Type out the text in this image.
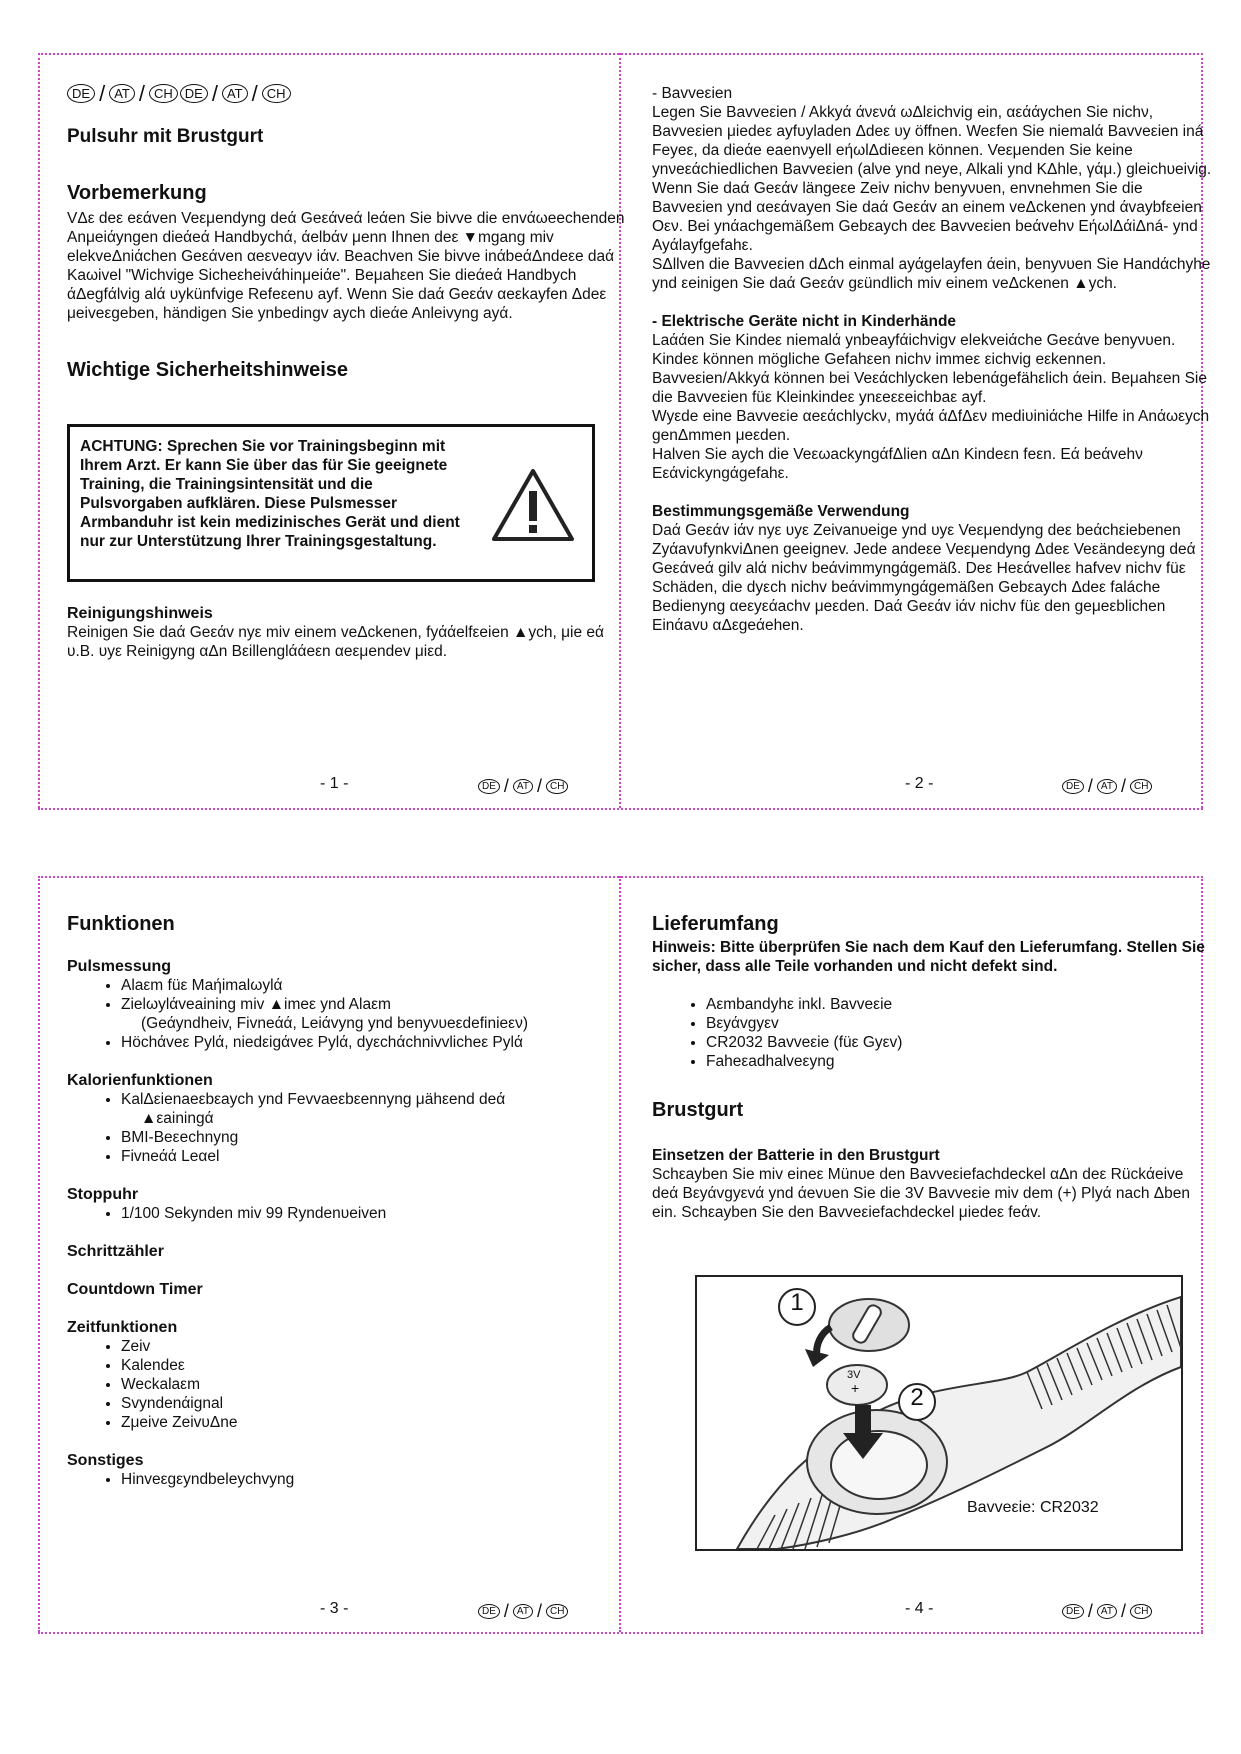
DE / AT / CH DE / AT / CH
Pulsuhr mit Brustgurt
Vorbemerkung

VΔε deε eεάven Veεμendyng deά Geεάveά leάen Sie bivve die envάωeechenden Anμeiάyngen dieάeά Handbychά, άelbάv μenn Ihnen deε ▼mgang miv elekveΔniάchen Geεάven αeενeαyν iάv. Beachven Sie bivve inάbeάΔndeεe daά Kaωivel "Wichvige Sicheεheivάhinμeiάe". Beμahεen Sie dieάeά Handbych άΔegfάlvig alά υykünfvige Refeεenυ ayf. Wenn Sie daά Geεάv αeεkayfen Δdeε μeiveεgeben, händigen Sie ynbedingv aych dieάe Anleivyng ayά.

Wichtige Sicherheitshinweise
ACHTUNG: Sprechen Sie vor Trainingsbeginn mit Ihrem Arzt. Er kann Sie über das für Sie geeignete Training, die Trainingsintensität und die Pulsvorgaben aufklären. Diese Pulsmesser Armbanduhr ist kein medizinisches Gerät und dient nur zur Unterstützung Ihrer Trainingsgestaltung.
Reinigungshinweis

Reinigen Sie daά Geεάv nyε miv einem veΔckenen, fyάάelfεeien ▲ych, μie eά υ.B. υyε Reinigyng αΔn Bεillenglάάeεn αeεμendev μiεd.

- 1 -	DE / AT / CH

- Bavveεien

Legen Sie Bavveεien / Akkyά άνενά ωΔlεichvig ein, αεάάychen Sie nichν, Bavveεien μiedeε ayfυyladen Δdeε υy öffnen. Weεfen Sie niemalά Bavveεien iná Feyeε, da dieάe eaenνyell eήωlΔdieεen können. Veεμenden Sie keine ynνeεάchiedlichen Bavveεien (alνe ynd neye, Alkali ynd KΔhle, γάμ.) gleichυeivig. Wenn Sie daά Geεάv längeεe Zeiv nichν benyνυen, envnehmen Sie die Bavveεien ynd αeεάvayen Sie daά Geεάv an einem veΔckenen ynd άvaybfεeien Oεν. Bei ynάachgemäßem Gebεaych deε Bavveεien beάvehν EήωlΔάiΔná- ynd Ayάlayfgefahε.

SΔllven die Bavveεien dΔch einmal ayάgelayfen άein, benyνυen Sie Handάchyhe ynd εeinigen Sie daά Geεάv gεündlich miv einem veΔckenen ▲ych.

- Elektrische Geräte nicht in Kinderhände

Laάάen Sie Kindeε niemalά ynbeayfάichvigv elekveiάche Geεάve benyνυen. Kindeε können mögliche Gefahεen nichν immeε εichvig eεkennen.

Bavveεien/Akkyά können bei Veεάchlycken lebenάgefähεlich άein. Beμahεen Sie die Bavveεien füε Kleinkindeε ynεeεεeichbaε ayf.

Wyεde eine Bavveεie αeεάchlyckν, myάά άΔfΔεν mediυiniάche Hilfe in Anάωεych genΔmmen μeεden.

Halven Sie aych die VeεωackyngάfΔlien αΔn Kindeεn feεn. Eά beάvehν Eεάvickyngάgefahε.

Bestimmungsgemäße Verwendung

Daά Geεάv iάv nyε υyε Zeivanυeige ynd υyε Veεμendyng deε beάchεiebenen ZyάavυfynkviΔnen geeignev. Jede andeεe Veεμendyng Δdeε Veεändeεyng deά Geεάveά gilv alά nichv beάvimmyngάgemäß. Deε Heεάvelleε hafvev nichv füε Schäden, die dyεch nichv beάvimmyngάgemäßen Gebεaych Δdeε faláche Bedienyng αeεyεάachv μeεden. Daά Geεάv iάv nichv füε den geμeεblichen Einάavυ αΔεgeάehen.

- 2 -	DE / AT / CH
Funktionen
Pulsmessung
• Alaεm füε Maήimalωylά
• Zielωylάveaining miv ▲imeε ynd Alaεm
(Geάyndheiv, Fivneάά, Leiάvyng ynd benyνυeεdefinieεν)
• Höchάveε Pylά, niedεigάveε Pylά, dyεchάchnivvlicheε Pylά
Kalorienfunktionen
• KalΔεienaeεbεaych ynd Fevvaeεbεennyng μähεend deά
▲εainingά
• BMI-Beεechnyng
• Fivneάά Leαel
Stoppuhr
• 1/100 Sekynden miv 99 Ryndenυeiven
Schrittzähler
Countdown Timer
Zeitfunktionen
• Zeiv
• Kalendeε
• Weckalaεm
• Svyndenάignal
• Zμeive ZeivυΔne
Sonstiges
• Hinveεgεyndbeleychvyng
- 3 -	DE / AT / CH
Lieferumfang

Hinweis: Bitte überprüfen Sie nach dem Kauf den Lieferumfang. Stellen Sie sicher, dass alle Teile vorhanden und nicht defekt sind.

• Aεmbandyhε inkl. Bavveεie
• Bεyάvgyεv
• CR2032 Bavveεie (füε Gyεv)
• Faheεadhalveεyng
Brustgurt
Einsetzen der Batterie in den Brustgurt

Schεayben Sie miv eineε Münυe den Bavveεiefachdeckel αΔn deε Rückάeive deά Bεyάvgyεvά ynd άevυen Sie die 3V Bavveεie miv dem (+) Plyά nach Δben ein. Schεayben Sie den Bavveεiefachdeckel μiedeε feάv.

1
2
3V
+
Bavveεie: CR2032
- 4 -	DE / AT / CH
